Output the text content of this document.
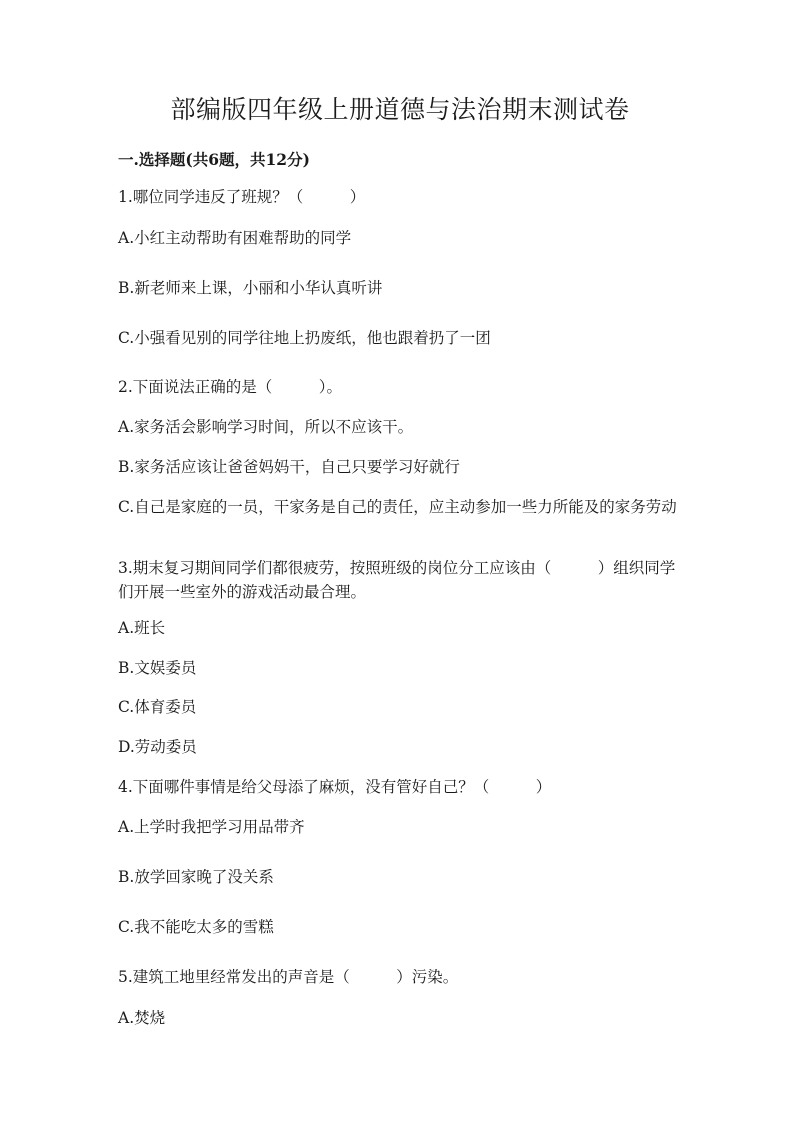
部编版四年级上册道德与法治期末测试卷
一.选择题(共6题，共12分)
1.哪位同学违反了班规？（　　　）
A.小红主动帮助有困难帮助的同学
B.新老师来上课，小丽和小华认真听讲
C.小强看见别的同学往地上扔废纸，他也跟着扔了一团
2.下面说法正确的是（　　　）。
A.家务活会影响学习时间，所以不应该干。
B.家务活应该让爸爸妈妈干，自己只要学习好就行
C.自己是家庭的一员，干家务是自己的责任，应主动参加一些力所能及的家务劳动
3.期末复习期间同学们都很疲劳，按照班级的岗位分工应该由（　　　）组织同学们开展一些室外的游戏活动最合理。
A.班长
B.文娱委员
C.体育委员
D.劳动委员
4.下面哪件事情是给父母添了麻烦，没有管好自己？（　　　）
A.上学时我把学习用品带齐
B.放学回家晚了没关系
C.我不能吃太多的雪糕
5.建筑工地里经常发出的声音是（　　　）污染。
A.焚烧
